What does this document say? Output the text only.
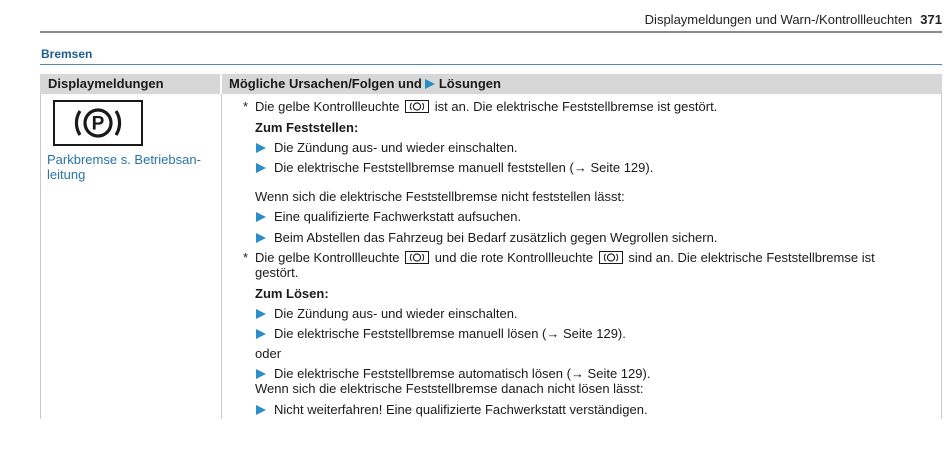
Displaymeldungen und Warn-/Kontrollleuchten 371
Bremsen
Displaymeldungen	Mögliche Ursachen/Folgen und Lösungen
P
Parkbremse s. Betriebsan-
leitung
* Die gelbe Kontrollleuchte	ist an. Die elektrische Feststellbremse ist gestört.
Zum Feststellen:
Die Zündung aus- und wieder einschalten.
Die elektrische Feststellbremse manuell feststellen (→ Seite 129).
Wenn sich die elektrische Feststellbremse nicht feststellen lässt:
Eine qualifizierte Fachwerkstatt aufsuchen.
Beim Abstellen das Fahrzeug bei Bedarf zusätzlich gegen Wegrollen sichern.
* Die gelbe Kontrollleuchte	und die rote Kontrollleuchte	sind an. Die elektrische Feststellbremse ist
gestört.
Zum Lösen:
Die Zündung aus- und wieder einschalten.
Die elektrische Feststellbremse manuell lösen (→ Seite 129).
oder
Die elektrische Feststellbremse automatisch lösen (→ Seite 129).
Wenn sich die elektrische Feststellbremse danach nicht lösen lässt:
Nicht weiterfahren! Eine qualifizierte Fachwerkstatt verständigen.
